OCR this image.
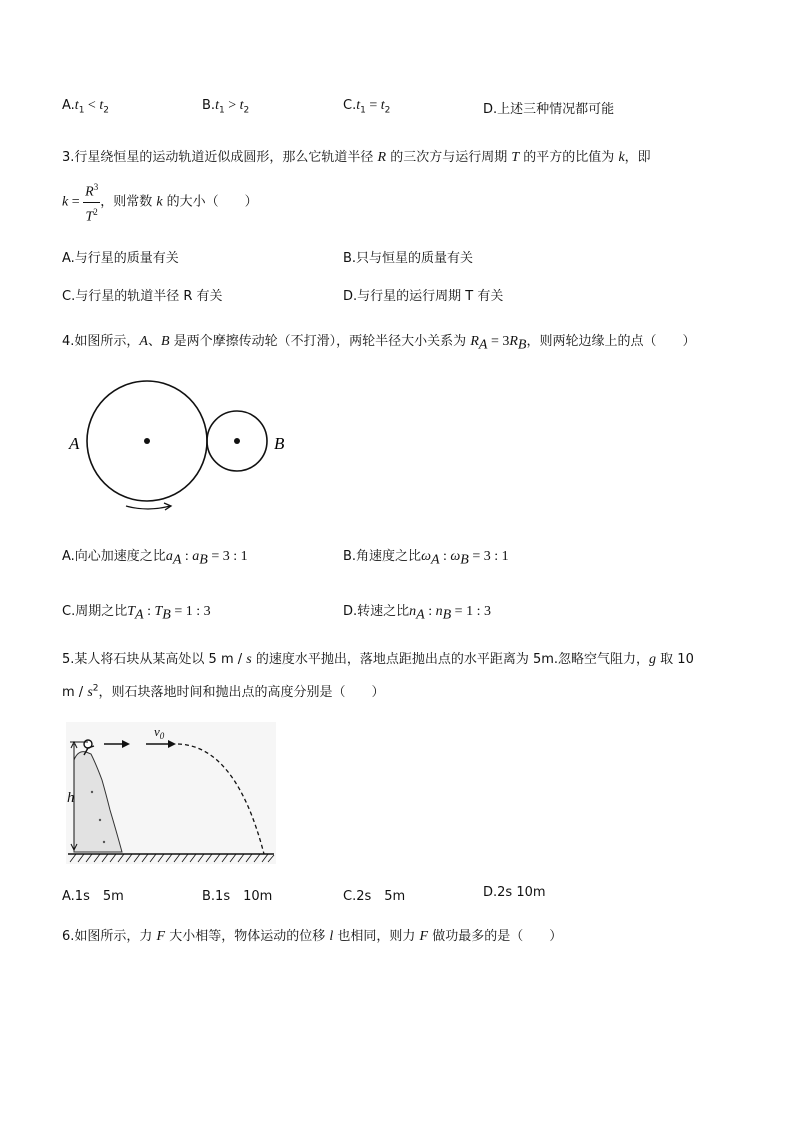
$A.t_1 < t_2$	$B.t_1 > t_2$	$C.t_1 = t_2$	D.上述三种情况都可能
3.行星绕恒星的运动轨道近似成圆形，那么它轨道半径 R 的三次方与运行周期 T 的平方的比值为 k，即
$k = \frac{R^3}{T^2}$ ，则常数 k 的大小（　　）
A.与行星的质量有关	B.只与恒星的质量有关
C.与行星的轨道半径 R 有关	D.与行星的运行周期 T 有关
4.如图所示，A、B 是两个摩擦传动轮（不打滑），两轮半径大小关系为 $R_A = 3R_B$，则两轮边缘上的点（　　）
A	B
A.向心加速度之比$a_A$ : $a_B = 3$ : 1	B.角速度之比$\omega_A$ : $\omega_B = 3$ : 1
C.周期之比$T_A$ : $T_B = 1$ : 3	D.转速之比$n_A$ : $n_B = 1$ : 3
5.某人将石块从某高处以 5 m / s 的速度水平抛出，落地点距抛出点的水平距离为 5m.忽略空气阻力，g 取 10
m / $s^2$，则石块落地时间和抛出点的高度分别是（　　）
h
$v_0$
A.1s　5m	B.1s　10m	C.2s　5m	D.2s 10m
6.如图所示，力 F 大小相等，物体运动的位移 l 也相同，则力 F 做功最多的是（　　）
